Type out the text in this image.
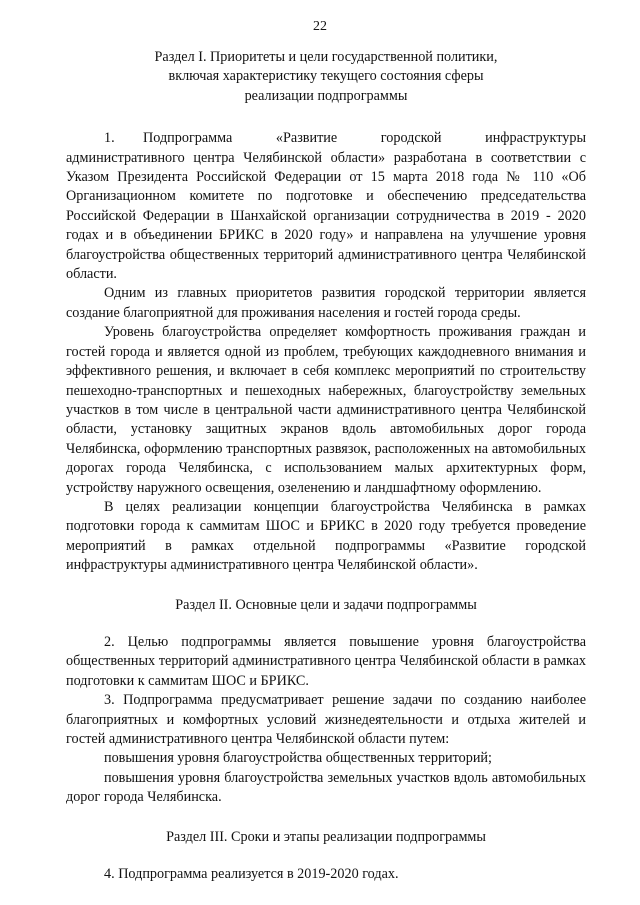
22
Раздел I. Приоритеты и цели государственной политики,
включая характеристику текущего состояния сферы
реализации подпрограммы

1.  Подпрограмма «Развитие городской инфраструктуры административного центра Челябинской области» разработана в соответствии с Указом Президента Российской Федерации от 15 марта 2018 года № 110 «Об Организационном комитете по подготовке и обеспечению председательства Российской Федерации в Шанхайской организации сотрудничества в 2019 - 2020 годах и в объединении БРИКС в 2020 году» и направлена на улучшение уровня благоустройства общественных территорий административного центра Челябинской области.

Одним из главных приоритетов развития городской территории является создание благоприятной для проживания населения и гостей города среды.

Уровень благоустройства определяет комфортность проживания граждан и гостей города и является одной из проблем, требующих каждодневного внимания и эффективного решения, и включает в себя комплекс мероприятий по строительству пешеходно-транспортных и пешеходных набережных, благоустройству земельных участков в том числе в центральной части административного центра Челябинской области, установку защитных экранов вдоль автомобильных дорог города Челябинска, оформлению транспортных развязок, расположенных на автомобильных дорогах города Челябинска, с использованием малых архитектурных форм, устройству наружного освещения, озеленению и ландшафтному оформлению.

В целях реализации концепции благоустройства Челябинска в рамках подготовки города к саммитам ШОС и БРИКС в 2020 году требуется проведение мероприятий в рамках отдельной подпрограммы «Развитие городской инфраструктуры административного центра Челябинской области».

Раздел II. Основные цели и задачи подпрограммы

2. Целью подпрограммы является повышение уровня благоустройства общественных территорий административного центра Челябинской области в рамках подготовки к саммитам ШОС и БРИКС.

3. Подпрограмма предусматривает решение задачи по созданию наиболее благоприятных и комфортных условий жизнедеятельности и отдыха жителей и гостей административного центра Челябинской области путем:

повышения уровня благоустройства общественных территорий;

повышения уровня благоустройства земельных участков вдоль автомобильных дорог города Челябинска.

Раздел III. Сроки и этапы реализации подпрограммы

4. Подпрограмма реализуется в 2019-2020 годах.
